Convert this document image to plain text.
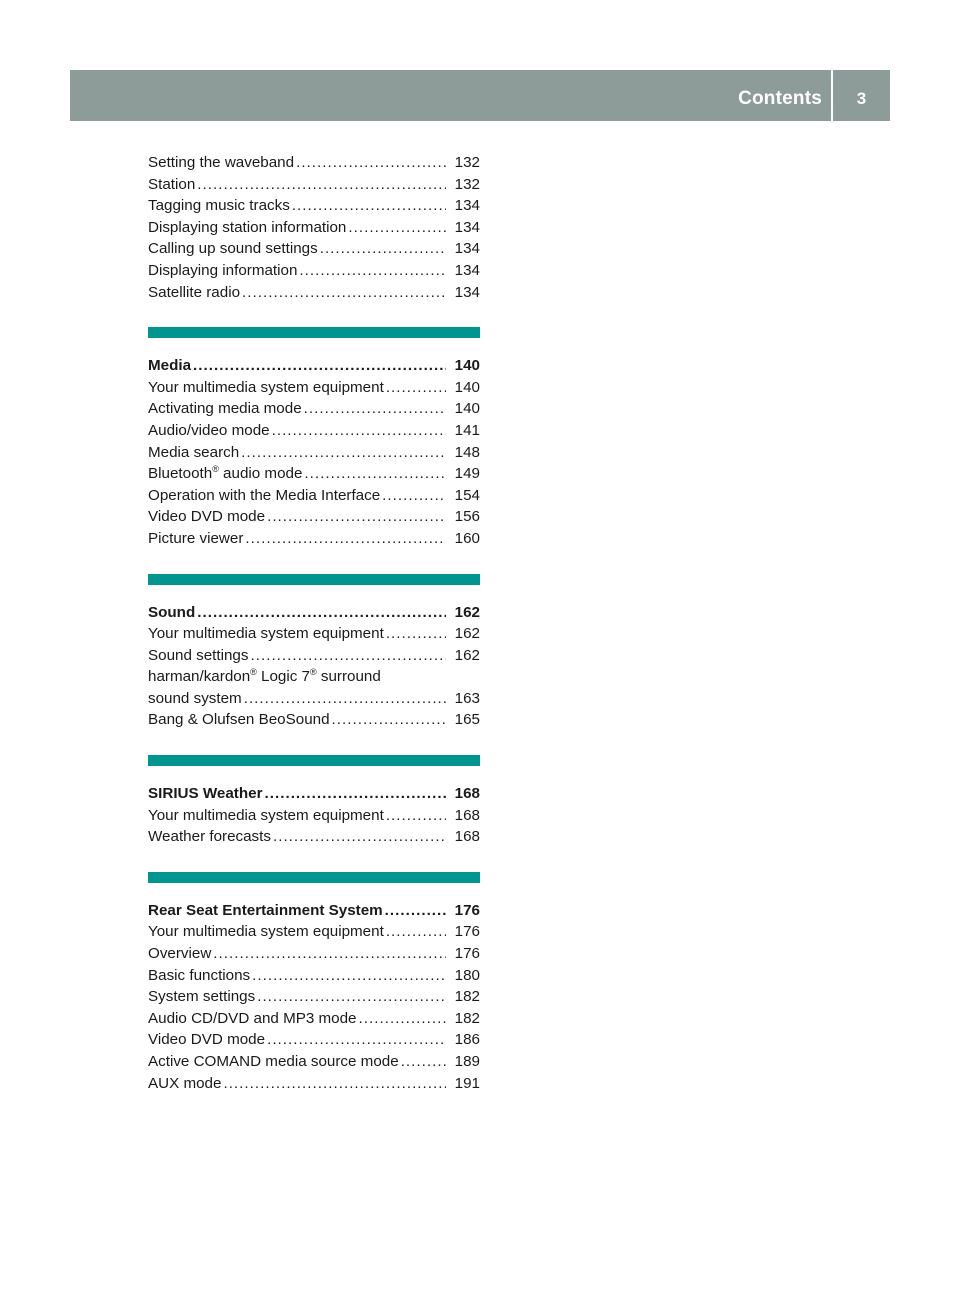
Contents	3
Setting the waveband . . .	132
Station . . .	132
Tagging music tracks . . .	134
Displaying station information . . .	134
Calling up sound settings . . .	134
Displaying information . . .	134
Satellite radio . . .	134
Media . . .	140
Your multimedia system equipment . . .	140
Activating media mode . . .	140
Audio/video mode . . .	141
Media search . . .	148
Bluetooth® audio mode . . .	149
Operation with the Media Interface . . .	154
Video DVD mode . . .	156
Picture viewer . . .	160
Sound . . .	162
Your multimedia system equipment . . .	162
Sound settings . . .	162
harman/kardon® Logic 7® surround
sound system . . .	163
Bang & Olufsen BeoSound . . .	165
SIRIUS Weather . . .	168
Your multimedia system equipment . . .	168
Weather forecasts . . .	168
Rear Seat Entertainment System . . .	176
Your multimedia system equipment . . .	176
Overview . . .	176
Basic functions . . .	180
System settings . . .	182
Audio CD/DVD and MP3 mode . . .	182
Video DVD mode . . .	186
Active COMAND media source mode . . .	189
AUX mode . . .	191
